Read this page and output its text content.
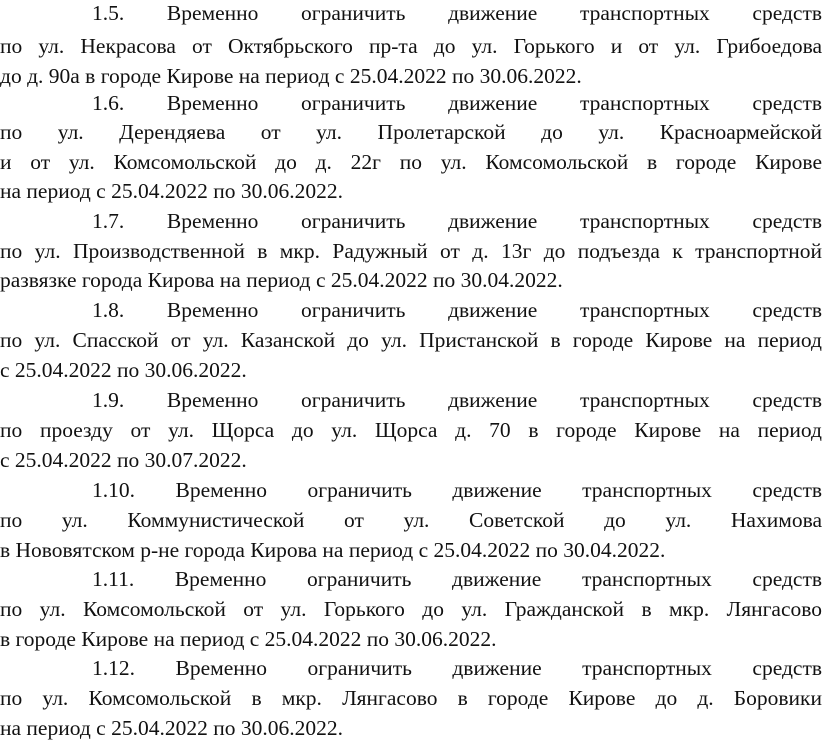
1.5. Временно ограничить движение транспортных средств
по ул. Некрасова от Октябрьского пр-та до ул. Горького и от ул. Грибоедова
до д. 90а в городе Кирове на период с 25.04.2022 по 30.06.2022.
1.6. Временно ограничить движение транспортных средств
по ул. Дерендяева от ул. Пролетарской до ул. Красноармейской
и от ул. Комсомольской до д. 22г по ул. Комсомольской в городе Кирове
на период с 25.04.2022 по 30.06.2022.
1.7. Временно ограничить движение транспортных средств
по ул. Производственной в мкр. Радужный от д. 13г до подъезда к транспортной
развязке города Кирова на период с 25.04.2022 по 30.04.2022.
1.8. Временно ограничить движение транспортных средств
по ул. Спасской от ул. Казанской до ул. Пристанской в городе Кирове на период
с 25.04.2022 по 30.06.2022.
1.9. Временно ограничить движение транспортных средств
по проезду от ул. Щорса до ул. Щорса д. 70 в городе Кирове на период
с 25.04.2022 по 30.07.2022.
1.10. Временно ограничить движение транспортных средств
по ул. Коммунистической от ул. Советской до ул. Нахимова
в Нововятском р-не города Кирова на период с 25.04.2022 по 30.04.2022.
1.11. Временно ограничить движение транспортных средств
по ул. Комсомольской от ул. Горького до ул. Гражданской в мкр. Лянгасово
в городе Кирове на период с 25.04.2022 по 30.06.2022.
1.12. Временно ограничить движение транспортных средств
по ул. Комсомольской в мкр. Лянгасово в городе Кирове до д. Боровики
на период с 25.04.2022 по 30.06.2022.
